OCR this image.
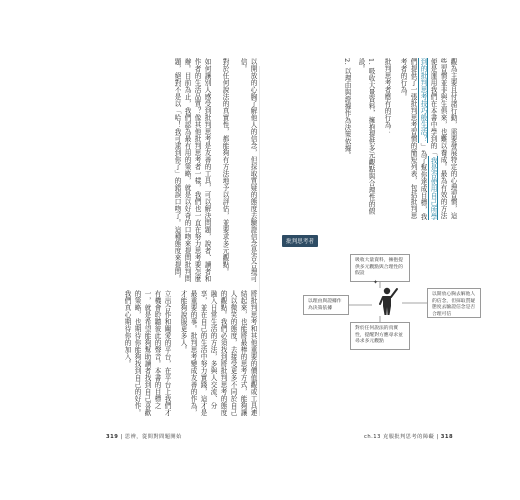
以開放的心胸了解他人的信念，但採取質疑的態度去驗證信念是否合理可信。

對於任何說法的真實性，都能夠有方法地予以評估，並要求多元觀點。

如何讓別人感受到批判思考是友善的工具，可以解決問題，說者、讀者和作者的生活品質？像其他批判思考者一樣，我們也一直在努力思考要怎麼辦。目前為止，我們認為最有用的策略，就是以好奇的口吻來提問批判問題，絕對不是以「哈！我可逮到你了」的錯誤口吻了。這種態度來提問。

將批判思考和其他重要的價值觀或工具連結起來，也能將最棒的思考方式，能夠讓人以微笑的態度，去接受更多不同於自己的觀點。我們必須找到將批判思考的態度融入日常生活的方法，多與人交流、分享，並在自己的生活中努力實踐，這才是最重要的事。批判思考變成友善的作為，才能夠說服更多人。

立出合作和關愛的平台，在平台上我們才有機會聆聽彼此的聲音。本書的目標之一，就是希望能夠幫助讀者找到自己喜歡的策略，也期待你能夠找到自己的好作。我們真心期待你的加入。

觀為主要且付諸行動，需要發展特定的心理習慣，這些習慣並非與生俱來，也難以養成。最為有效的方法便是運用我們在本書中學到的「我是否使用自己所學到的批判思考技巧般生活？」為了幫你達成目標，我們提供了一張批判思考習慣的簡短列表，包括批判思考者的行為。

批判思考者應有的行為：

1. 吸收大量資料，擁抱提供多元觀點與合理性的假設。

2. 以理由與證據作為決策依據。

批判思考者
吸收大量資料，擁抱提供多元觀點與合理性的假設
以理由與證據作為決策依據
以開放心胸去解他人的信念，但採取質疑態度去驗證信念是否合理可信
對於任何說法的真實性，提醒對方應尋求並尋求多元觀點
✦
319 | 思辨，從問對問題開始	ch.13 克服批判思考的障礙 | 318
